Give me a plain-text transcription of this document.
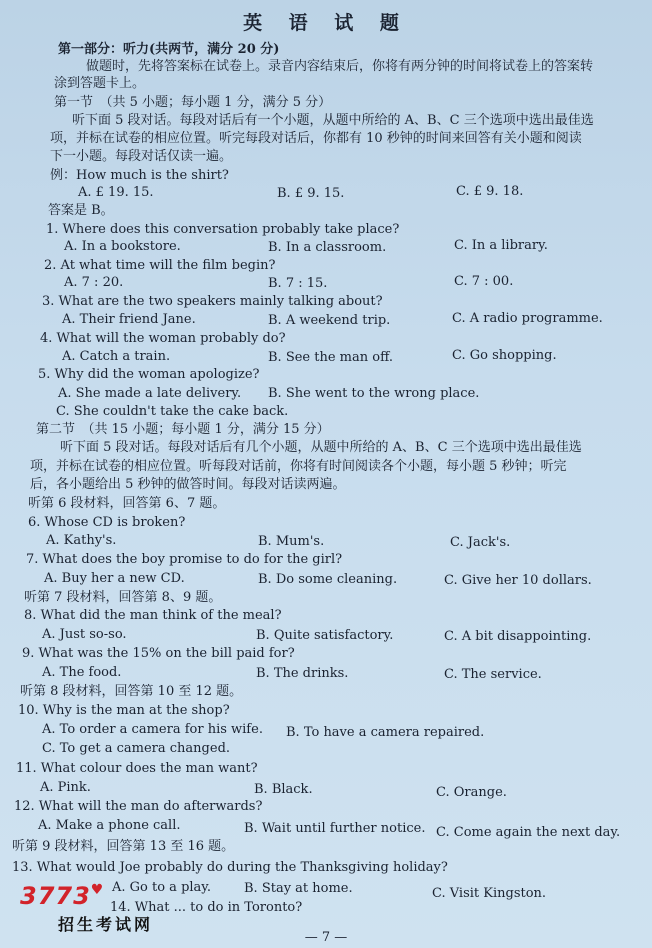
英 语 试 题
第一部分：听力(共两节，满分 20 分)
做题时，先将答案标在试卷上。录音内容结束后，你将有两分钟的时间将试卷上的答案转
涂到答题卡上。
第一节　（共 5 小题；每小题 1 分，满分 5 分）
听下面 5 段对话。每段对话后有一个小题，从题中所给的 A、B、C 三个选项中选出最佳选
项，并标在试卷的相应位置。听完每段对话后，你都有 10 秒钟的时间来回答有关小题和阅读
下一小题。每段对话仅读一遍。
例：How much is the shirt?
A. £ 19. 15.	B. £ 9. 15.	C. £ 9. 18.
答案是 B。
1. Where does this conversation probably take place?
A. In a bookstore.	B. In a classroom.	C. In a library.
2. At what time will the film begin?
A. 7 : 20.	B. 7 : 15.	C. 7 : 00.
3. What are the two speakers mainly talking about?
A. Their friend Jane.	B. A weekend trip.	C. A radio programme.
4. What will the woman probably do?
A. Catch a train.	B. See the man off.	C. Go shopping.
5. Why did the woman apologize?
A. She made a late delivery. B. She went to the wrong place.
C. She couldn't take the cake back.
第二节　（共 15 小题；每小题 1 分，满分 15 分）
听下面 5 段对话。每段对话后有几个小题，从题中所给的 A、B、C 三个选项中选出最佳选
项，并标在试卷的相应位置。听每段对话前，你将有时间阅读各个小题，每小题 5 秒钟；听完
后，各小题给出 5 秒钟的做答时间。每段对话读两遍。
听第 6 段材料，回答第 6、7 题。
6. Whose CD is broken?
A. Kathy's.	B. Mum's.	C. Jack's.
7. What does the boy promise to do for the girl?
A. Buy her a new CD.	B. Do some cleaning.	C. Give her 10 dollars.
听第 7 段材料，回答第 8、9 题。
8. What did the man think of the meal?
A. Just so-so.	B. Quite satisfactory.	C. A bit disappointing.
9. What was the 15% on the bill paid for?
A. The food.	B. The drinks.	C. The service.
听第 8 段材料，回答第 10 至 12 题。
10. Why is the man at the shop?
A. To order a camera for his wife. B. To have a camera repaired.
C. To get a camera changed.
11. What colour does the man want?
A. Pink.	B. Black.	C. Orange.
12. What will the man do afterwards?
A. Make a phone call.	B. Wait until further notice. C. Come again the next day.
听第 9 段材料，回答第 13 至 16 题。
13. What would Joe probably do during the Thanksgiving holiday?
A. Go to a play.	B. Stay at home.	C. Visit Kingston.
14. What ... to do in Toronto?
— 7 —
3773♥
招生考试网
